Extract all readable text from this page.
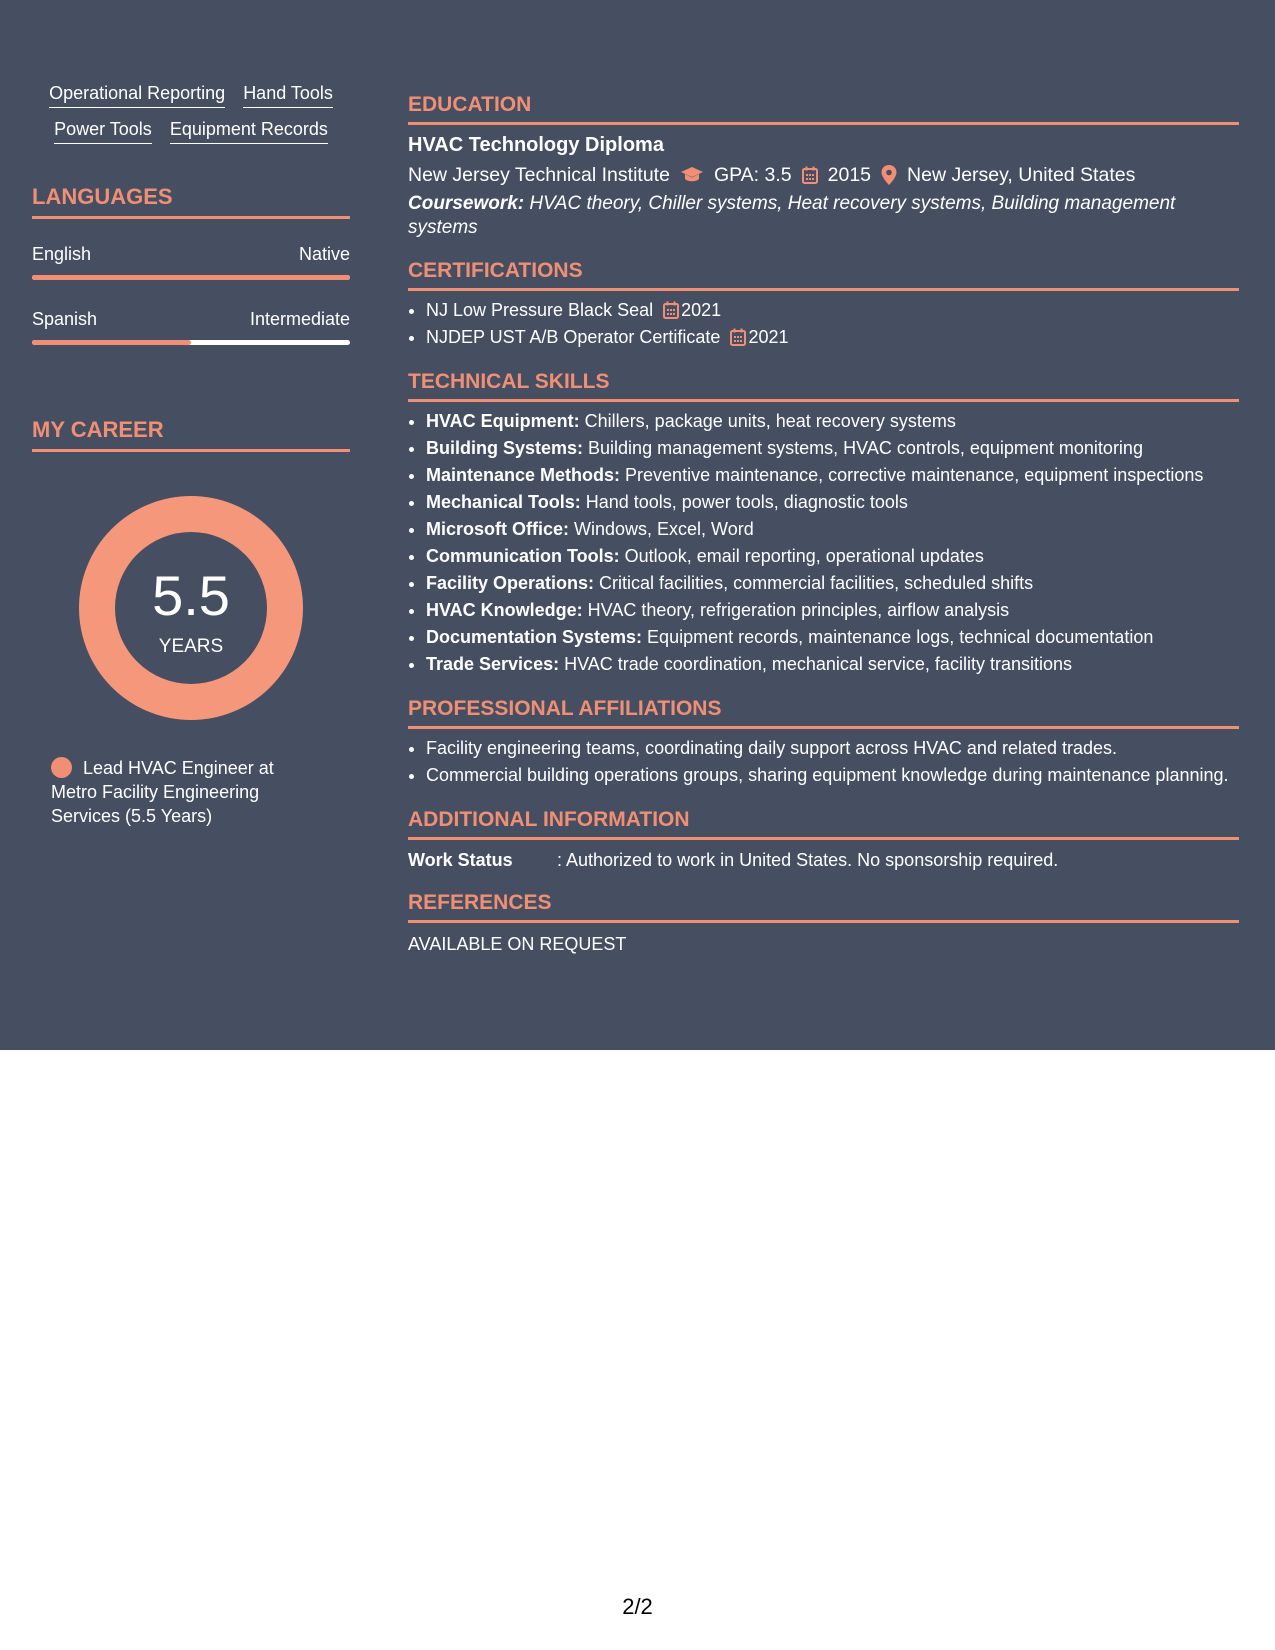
Operational Reporting Hand Tools
Power Tools Equipment Records
LANGUAGES
English	Native
Spanish	Intermediate
MY CAREER
5.5
YEARS
Lead HVAC Engineer at Metro Facility Engineering Services (5.5 Years)
EDUCATION
HVAC Technology Diploma
New Jersey Technical Institute GPA: 3.5 2015 New Jersey, United States
Coursework: HVAC theory, Chiller systems, Heat recovery systems, Building management systems
CERTIFICATIONS
• NJ Low Pressure Black Seal 2021
• NJDEP UST A/B Operator Certificate 2021
TECHNICAL SKILLS
• HVAC Equipment: Chillers, package units, heat recovery systems
• Building Systems: Building management systems, HVAC controls, equipment monitoring
• Maintenance Methods: Preventive maintenance, corrective maintenance, equipment inspections
• Mechanical Tools: Hand tools, power tools, diagnostic tools
• Microsoft Office: Windows, Excel, Word
• Communication Tools: Outlook, email reporting, operational updates
• Facility Operations: Critical facilities, commercial facilities, scheduled shifts
• HVAC Knowledge: HVAC theory, refrigeration principles, airflow analysis
• Documentation Systems: Equipment records, maintenance logs, technical documentation
• Trade Services: HVAC trade coordination, mechanical service, facility transitions
PROFESSIONAL AFFILIATIONS
• Facility engineering teams, coordinating daily support across HVAC and related trades.
• Commercial building operations groups, sharing equipment knowledge during maintenance planning.
ADDITIONAL INFORMATION
Work Status	: Authorized to work in United States. No sponsorship required.
REFERENCES
AVAILABLE ON REQUEST
2/2
